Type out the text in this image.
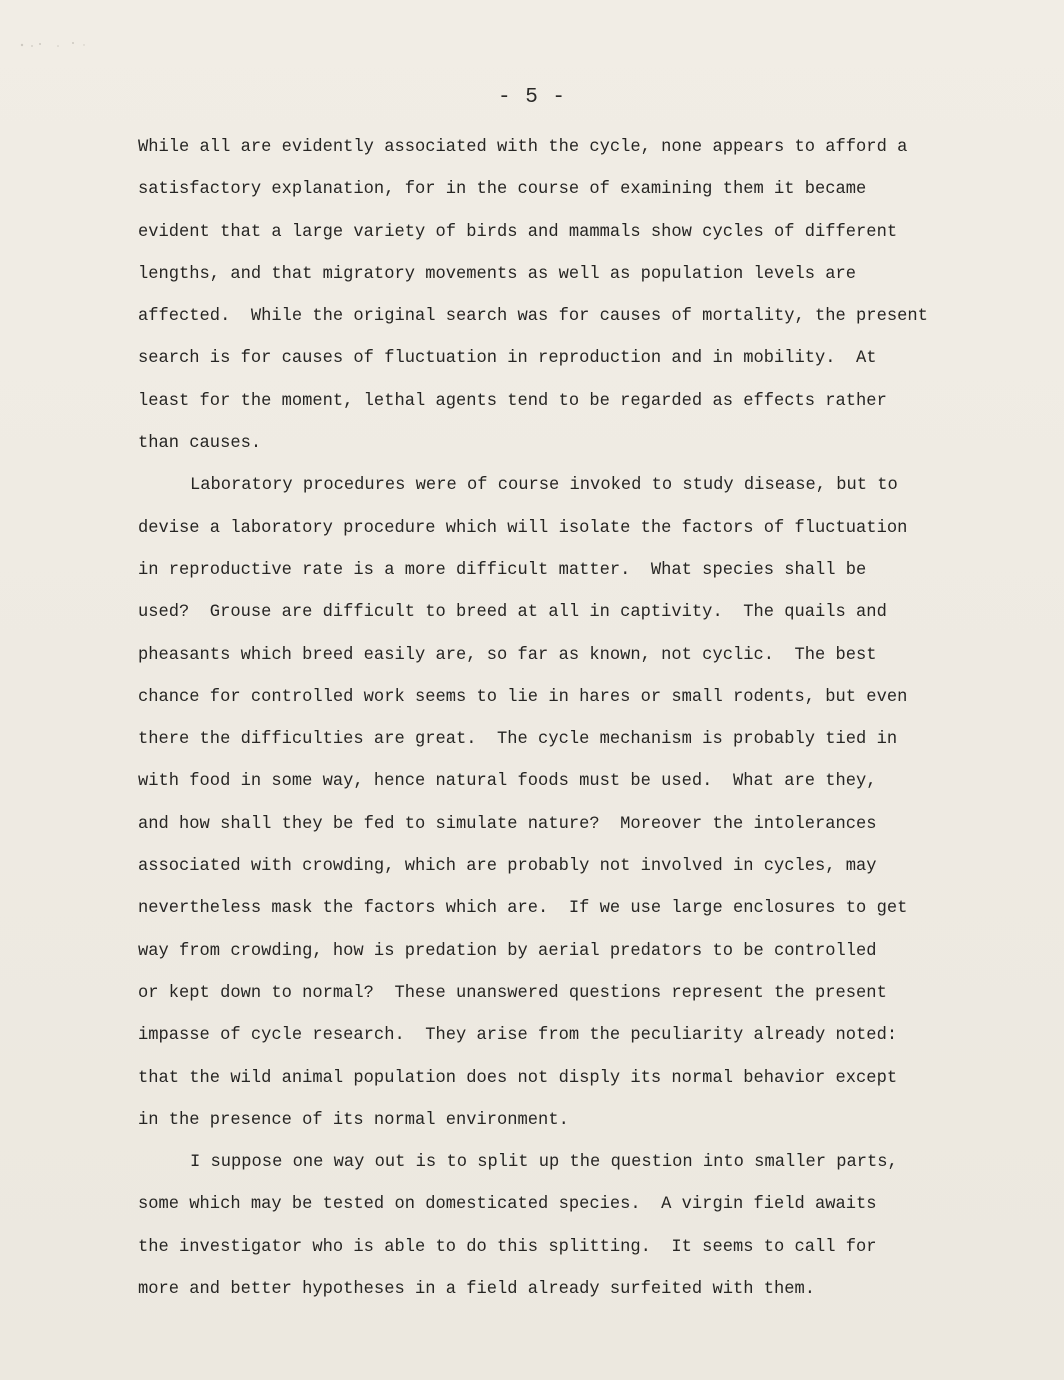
- 5 -
While all are evidently associated with the cycle, none appears to afford a
satisfactory explanation, for in the course of examining them it became
evident that a large variety of birds and mammals show cycles of different
lengths, and that migratory movements as well as population levels are
affected.  While the original search was for causes of mortality, the present
search is for causes of fluctuation in reproduction and in mobility.  At
least for the moment, lethal agents tend to be regarded as effects rather
than causes.
Laboratory procedures were of course invoked to study disease, but to
devise a laboratory procedure which will isolate the factors of fluctuation
in reproductive rate is a more difficult matter.  What species shall be
used?  Grouse are difficult to breed at all in captivity.  The quails and
pheasants which breed easily are, so far as known, not cyclic.  The best
chance for controlled work seems to lie in hares or small rodents, but even
there the difficulties are great.  The cycle mechanism is probably tied in
with food in some way, hence natural foods must be used.  What are they,
and how shall they be fed to simulate nature?  Moreover the intolerances
associated with crowding, which are probably not involved in cycles, may
nevertheless mask the factors which are.  If we use large enclosures to get
way from crowding, how is predation by aerial predators to be controlled
or kept down to normal?  These unanswered questions represent the present
impasse of cycle research.  They arise from the peculiarity already noted:
that the wild animal population does not disply its normal behavior except
in the presence of its normal environment.
I suppose one way out is to split up the question into smaller parts,
some which may be tested on domesticated species.  A virgin field awaits
the investigator who is able to do this splitting.  It seems to call for
more and better hypotheses in a field already surfeited with them.
